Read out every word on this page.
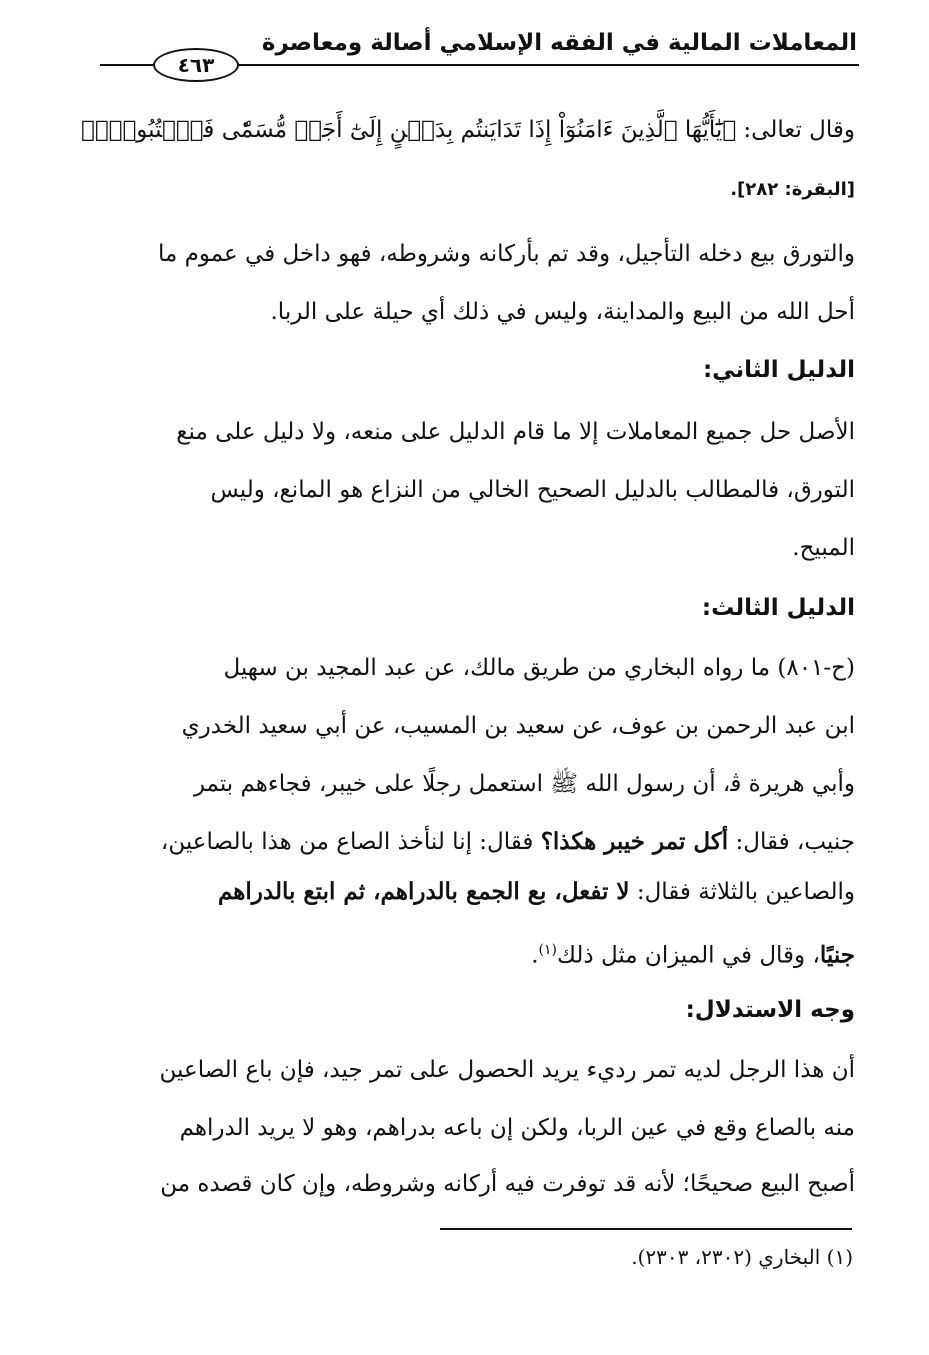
المعاملات المالية في الفقه الإسلامي أصالة ومعاصرة
٤٦٣
وقال تعالى: ﴿يَٰٓأَيُّهَا ٱلَّذِينَ ءَامَنُوٓاْ إِذَا تَدَايَنتُم بِدَيۡنٍ إِلَىٰٓ أَجَلٖ مُّسَمّٗى فَٱكۡتُبُوهُۚ﴾
[البقرة: ٢٨٢].
والتورق بيع دخله التأجيل، وقد تم بأركانه وشروطه، فهو داخل في عموم ما
أحل الله من البيع والمداينة، وليس في ذلك أي حيلة على الربا.
الدليل الثاني:
الأصل حل جميع المعاملات إلا ما قام الدليل على منعه، ولا دليل على منع
التورق، فالمطالب بالدليل الصحيح الخالي من النزاع هو المانع، وليس
المبيح.
الدليل الثالث:
(ح-٨٠١) ما رواه البخاري من طريق مالك، عن عبد المجيد بن سهيل
ابن عبد الرحمن بن عوف، عن سعيد بن المسيب، عن أبي سعيد الخدري
وأبي هريرة ﭬ، أن رسول الله ﷺ استعمل رجلًا على خيبر، فجاءهم بتمر
جنيب، فقال: أكل تمر خيبر هكذا؟ فقال: إنا لنأخذ الصاع من هذا بالصاعين،
والصاعين بالثلاثة فقال: لا تفعل، بع الجمع بالدراهم، ثم ابتع بالدراهم
جنيًا، وقال في الميزان مثل ذلك$^{(١)}$.
وجه الاستدلال:
أن هذا الرجل لديه تمر رديء يريد الحصول على تمر جيد، فإن باع الصاعين
منه بالصاع وقع في عين الربا، ولكن إن باعه بدراهم، وهو لا يريد الدراهم
أصبح البيع صحيحًا؛ لأنه قد توفرت فيه أركانه وشروطه، وإن كان قصده من
(١) البخاري (٢٣٠٢، ٢٣٠٣).
